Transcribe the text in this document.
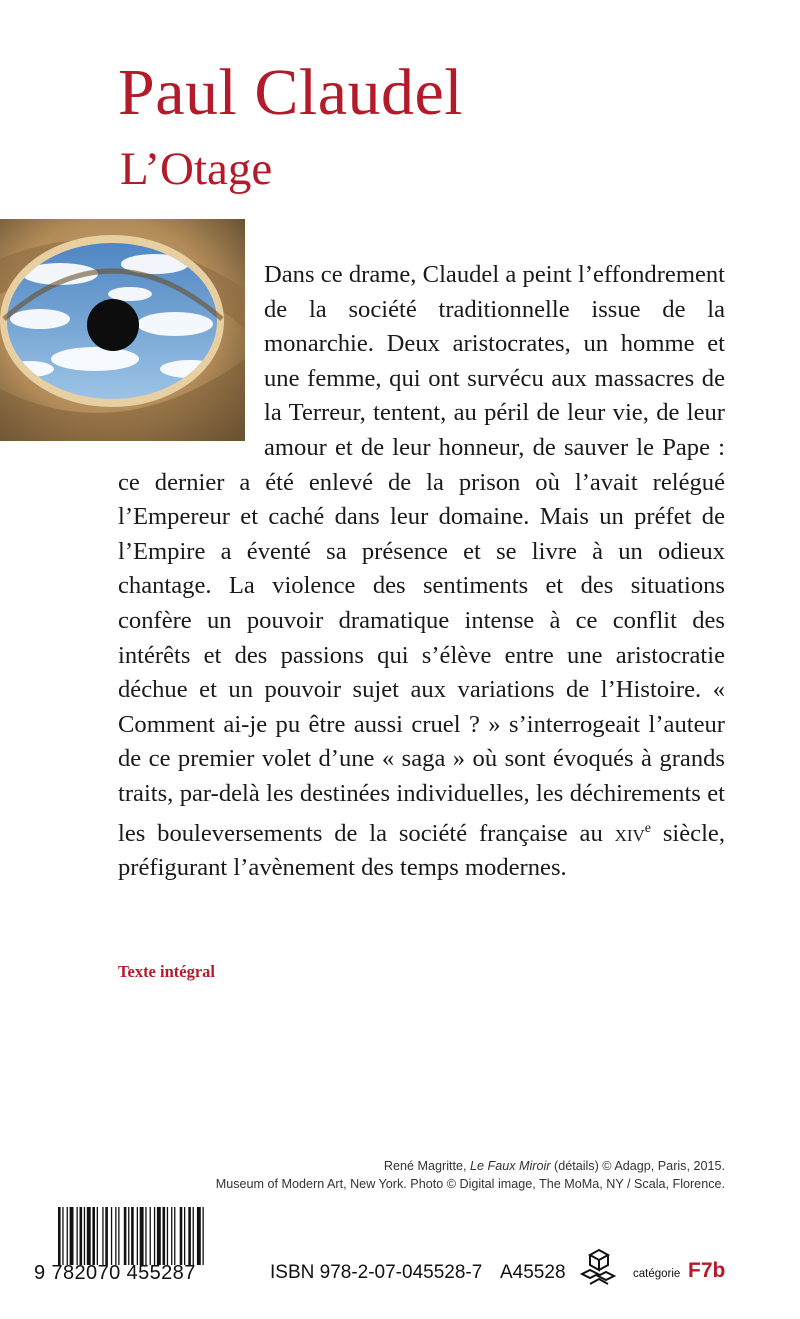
Paul Claudel
L’Otage

Dans ce drame, Claudel a peint l’effondrement de la société traditionnelle issue de la monarchie. Deux aristocrates, un homme et une femme, qui ont survécu aux massacres de la Terreur, tentent, au péril de leur vie, de leur amour et de leur honneur, de sauver le Pape : ce dernier a été enlevé de la prison où l’avait relégué l’Empereur et caché dans leur domaine. Mais un préfet de l’Empire a éventé sa présence et se livre à un odieux chantage. La violence des sentiments et des situations confère un pouvoir dramatique intense à ce conflit des intérêts et des passions qui s’élève entre une aristocratie déchue et un pouvoir sujet aux variations de l’Histoire. « Comment ai-je pu être aussi cruel ? » s’interrogeait l’auteur de ce premier volet d’une « saga » où sont évoqués à grands traits, par-delà les destinées individuelles, les déchirements et les bouleversements de la société française au xiv$^e$ siècle, préfigurant l’avènement des temps modernes.

Texte intégral
René Magritte, Le Faux Miroir (détails) © Adagp, Paris, 2015.
Museum of Modern Art, New York. Photo © Digital image, The MoMa, NY / Scala, Florence.
9 782070 455287	ISBN 978-2-07-045528-7 A45528	catégorie F7b
